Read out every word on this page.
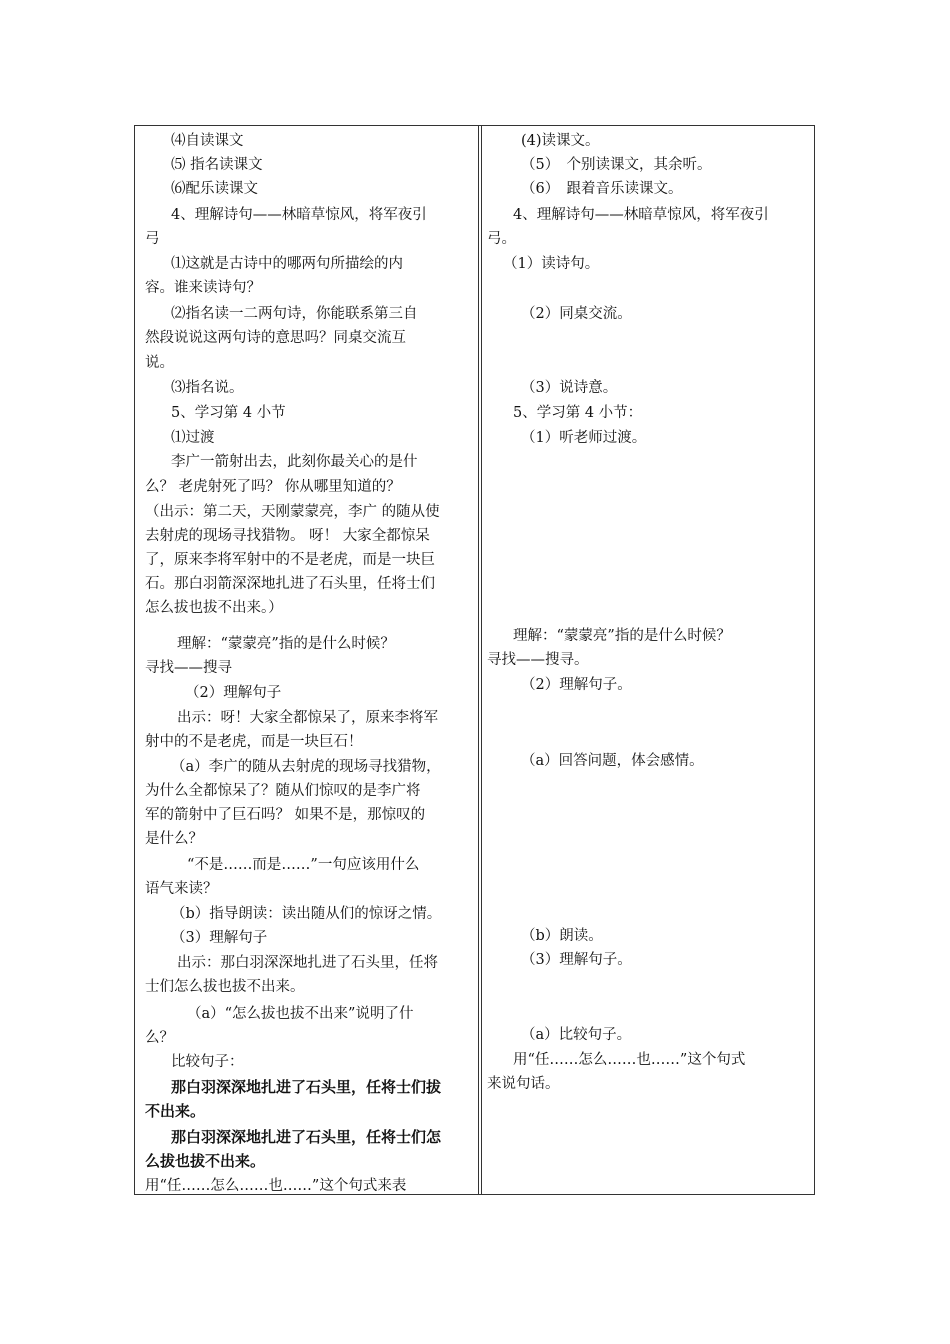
⑷自读课文
⑸ 指名读课文
⑹配乐读课文
4、理解诗句——林暗草惊风，将军夜引
弓
⑴这就是古诗中的哪两句所描绘的内
容。谁来读诗句？
⑵指名读一二两句诗，你能联系第三自
然段说说这两句诗的意思吗？同桌交流互
说。
⑶指名说。
5、学习第 4 小节
⑴过渡
李广一箭射出去，此刻你最关心的是什
么？ 老虎射死了吗？ 你从哪里知道的？
（出示：第二天，天刚蒙蒙亮，李广 的随从使
去射虎的现场寻找猎物。 呀！ 大家全都惊呆
了，原来李将军射中的不是老虎，而是一块巨
石。那白羽箭深深地扎进了石头里，任将士们
怎么拔也拔不出来。）
理解：“蒙蒙亮”指的是什么时候？
寻找——搜寻
（2）理解句子
出示：呀！大家全都惊呆了，原来李将军
射中的不是老虎，而是一块巨石！
（a）李广的随从去射虎的现场寻找猎物，
为什么全都惊呆了？随从们惊叹的是李广将
军的箭射中了巨石吗？ 如果不是，那惊叹的
是什么？
“不是……而是……”一句应该用什么
语气来读？
（b）指导朗读：读出随从们的惊讶之情。
（3）理解句子
出示：那白羽深深地扎进了石头里，任将
士们怎么拔也拔不出来。
（a）“怎么拔也拔不出来”说明了什
么？
比较句子：
那白羽深深地扎进了石头里，任将士们拔
不出来。
那白羽深深地扎进了石头里，任将士们怎
么拔也拔不出来。
用“任……怎么……也……”这个句式来表
(4)读课文。
（5）　个别读课文，其余听。
（6）　跟着音乐读课文。
4、理解诗句——林暗草惊风，将军夜引
弓。
（1）读诗句。
（2）同桌交流。
（3）说诗意。
5、学习第 4 小节：
（1）听老师过渡。
理解：“蒙蒙亮”指的是什么时候？
寻找——搜寻。
（2）理解句子。
（a）回答问题，体会感情。
（b）朗读。
（3）理解句子。
（a）比较句子。
用“任……怎么……也……”这个句式
来说句话。
